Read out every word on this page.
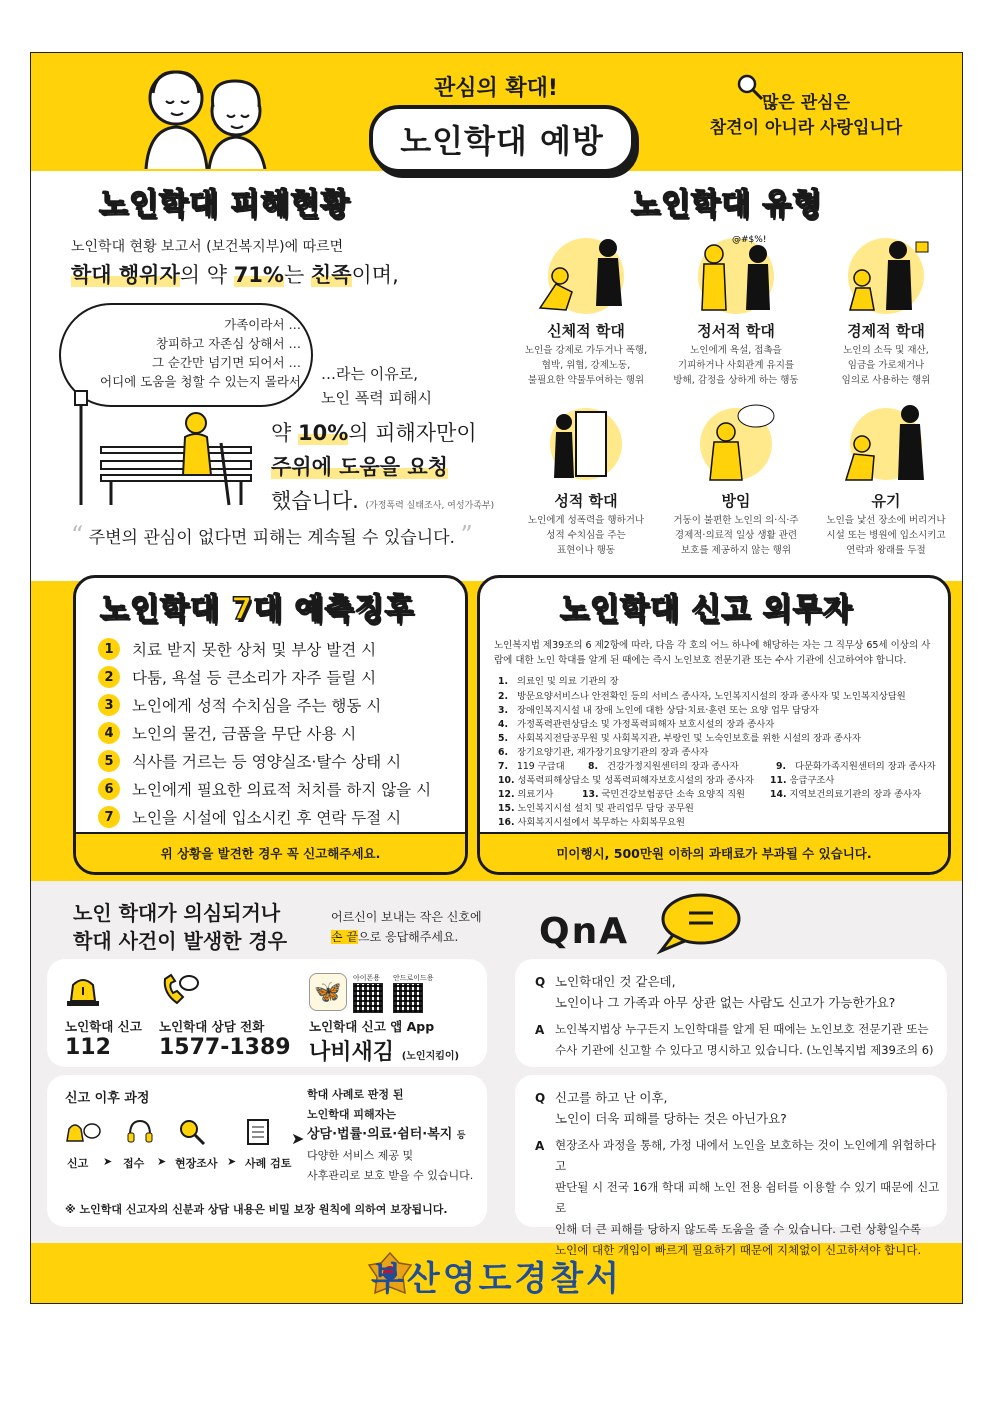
관심의 확대!
노인학대 예방
많은 관심은
참견이 아니라 사랑입니다
노인학대 피해현황
노인학대 현황 보고서 (보건복지부)에 따르면
학대 행위자의 약 71%는 친족이며,
가족이라서 …
창피하고 자존심 상해서 …
그 순간만 넘기면 되어서 …
어디에 도움을 청할 수 있는지 몰라서 …라는 이유로,
노인 폭력 피해시
약 10%의 피해자만이
주위에 도움을 요청
했습니다. (가정폭력 실태조사, 여성가족부)
“ 주변의 관심이 없다면 피해는 계속될 수 있습니다. ”
노인학대 유형
신체적 학대
노인을 강제로 가두거나 폭행,
협박, 위협, 강제노동,
불필요한 약물투여하는 행위
@#$%!
정서적 학대
노인에게 욕설, 접촉을
기피하거나 사회관계 유지를
방해, 감정을 상하게 하는 행동
경제적 학대
노인의 소득 및 재산,
임금을 가로채거나
임의로 사용하는 행위
성적 학대
노인에게 성폭력을 행하거나
성적 수치심을 주는
표현이나 행동
방임
거동이 불편한 노인의 의·식·주
경제적·의료적 일상 생활 관련
보호를 제공하지 않는 행위
유기
노인을 낯선 장소에 버리거나
시설 또는 병원에 입소시키고
연락과 왕래를 두절
노인학대 7대 예측징후
1	치료 받지 못한 상처 및 부상 발견 시
2	다툼, 욕설 등 큰소리가 자주 들릴 시
3	노인에게 성적 수치심을 주는 행동 시
4	노인의 물건, 금품을 무단 사용 시
5	식사를 거르는 등 영양실조·탈수 상태 시
6	노인에게 필요한 의료적 처치를 하지 않을 시
7	노인을 시설에 입소시킨 후 연락 두절 시
위 상황을 발견한 경우 꼭 신고해주세요.
노인학대 신고 의무자
노인복지법 제39조의 6 제2항에 따라, 다음 각 호의 어느 하나에 해당하는 자는 그 직무상 65세 이상의 사람에 대한 노인 학대를 알게 된 때에는 즉시 노인보호 전문기관 또는 수사 기관에 신고하여야 합니다.
1. 의료인 및 의료 기관의 장
2. 방문요양서비스나 안전확인 등의 서비스 종사자, 노인복지시설의 장과 종사자 및 노인복지상담원
3. 장애인복지시설 내 장애 노인에 대한 상담·치료·훈련 또는 요양 업무 담당자
4. 가정폭력관련상담소 및 가정폭력피해자 보호시설의 장과 종사자
5. 사회복지전담공무원 및 사회복지관, 부랑인 및 노숙인보호를 위한 시설의 장과 종사자
6. 장기요양기관, 재가장기요양기관의 장과 종사자
7. 119 구급대	8. 건강가정지원센터의 장과 종사자	9. 다문화가족지원센터의 장과 종사자
10. 성폭력피해상담소 및 성폭력피해자보호시설의 장과 종사자 11. 응급구조사
12. 의료기사	13. 국민건강보험공단 소속 요양직 직원	14. 지역보건의료기관의 장과 종사자
15. 노인복지시설 설치 및 관리업무 담당 공무원
16. 사회복지시설에서 복무하는 사회복무요원
미이행시, 500만원 이하의 과태료가 부과될 수 있습니다.
노인 학대가 의심되거나
학대 사건이 발생한 경우
어르신이 보내는 작은 신호에
손 끝으로 응답해주세요.
노인학대 신고
112
노인학대 상담 전화
1577-1389
🦋
아이폰용 안드로이드용
노인학대 신고 앱 App
나비새김 (노인지킴이)
신고 이후 과정
신고 ➤ 접수 ➤ 현장조사 ➤ 사례 검토
➤
학대 사례로 판정 된
노인학대 피해자는
상담·법률·의료·쉼터·복지 등
다양한 서비스 제공 및
사후관리로 보호 받을 수 있습니다.
※ 노인학대 신고자의 신분과 상담 내용은 비밀 보장 원칙에 의하여 보장됩니다.
QnA
Q 노인학대인 것 같은데,
노인이나 그 가족과 아무 상관 없는 사람도 신고가 가능한가요?
A 노인복지법상 누구든지 노인학대를 알게 된 때에는 노인보호 전문기관 또는
수사 기관에 신고할 수 있다고 명시하고 있습니다. (노인복지법 제39조의 6)
Q 신고를 하고 난 이후,
노인이 더욱 피해를 당하는 것은 아닌가요?
A 현장조사 과정을 통해, 가정 내에서 노인을 보호하는 것이 노인에게 위험하다고
판단될 시 전국 16개 학대 피해 노인 전용 쉼터를 이용할 수 있기 때문에 신고로
인해 더 큰 피해를 당하지 않도록 도움을 줄 수 있습니다. 그런 상황일수록
노인에 대한 개입이 빠르게 필요하기 때문에 지체없이 신고하셔야 합니다.
부산영도경찰서
